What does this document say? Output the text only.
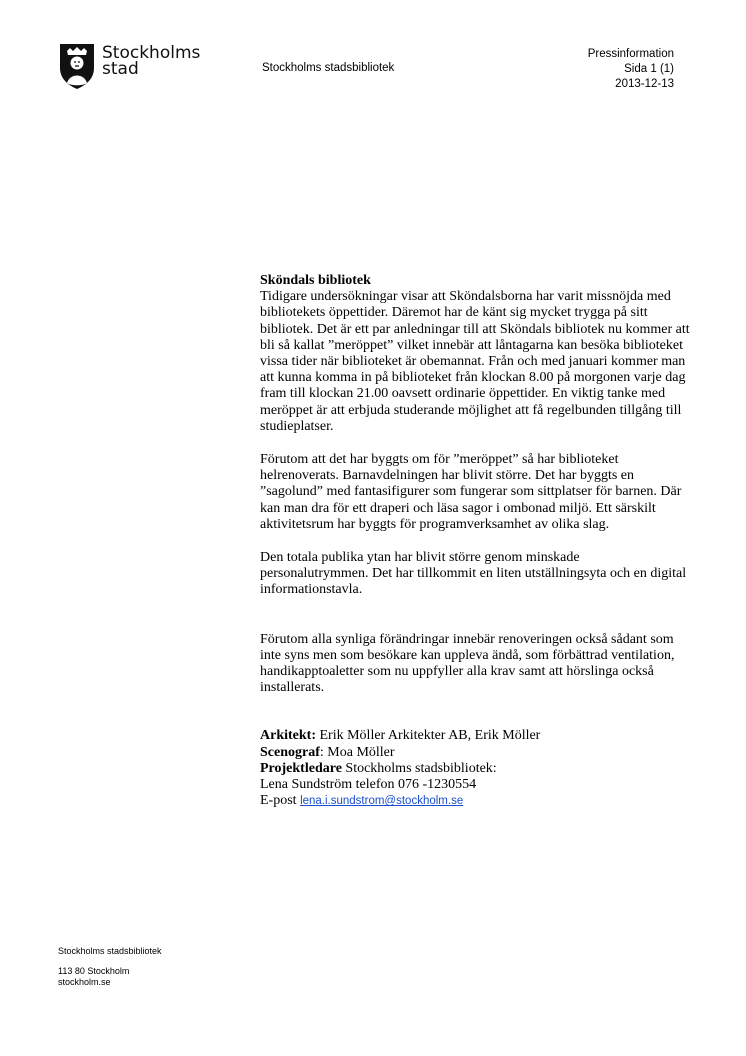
Stockholms
stad	Stockholms stadsbibliotek
Pressinformation
Sida 1 (1)
2013-12-13
Sköndals bibliotek

Tidigare undersökningar visar att Sköndalsborna har varit missnöjda med bibliotekets öppettider. Däremot har de känt sig mycket trygga på sitt bibliotek. Det är ett par anledningar till att Sköndals bibliotek nu kommer att bli så kallat ”meröppet” vilket innebär att låntagarna kan besöka biblioteket vissa tider när biblioteket är obemannat. Från och med januari kommer man att kunna komma in på biblioteket från klockan 8.00 på morgonen varje dag fram till klockan 21.00 oavsett ordinarie öppettider. En viktig tanke med meröppet är att erbjuda studerande möjlighet att få regelbunden tillgång till studieplatser.

Förutom att det har byggts om för ”meröppet” så har biblioteket helrenoverats. Barnavdelningen har blivit större. Det har byggts en ”sagolund” med fantasifigurer som fungerar som sittplatser för barnen. Där kan man dra för ett draperi och läsa sagor i ombonad miljö. Ett särskilt aktivitetsrum har byggts för programverksamhet av olika slag.

Den totala publika ytan har blivit större genom minskade personalutrymmen. Det har tillkommit en liten utställningsyta och en digital informationstavla.

Förutom alla synliga förändringar innebär renoveringen också sådant som inte syns men som besökare kan uppleva ändå, som förbättrad ventilation, handikapptoaletter som nu uppfyller alla krav samt att hörslinga också installerats.

Arkitekt: Erik Möller Arkitekter AB, Erik Möller

Scenograf: Moa Möller

Projektledare Stockholms stadsbibliotek:

Lena Sundström telefon 076 -1230554

E-post lena.i.sundstrom@stockholm.se

Stockholms stadsbibliotek
113 80 Stockholm
stockholm.se
